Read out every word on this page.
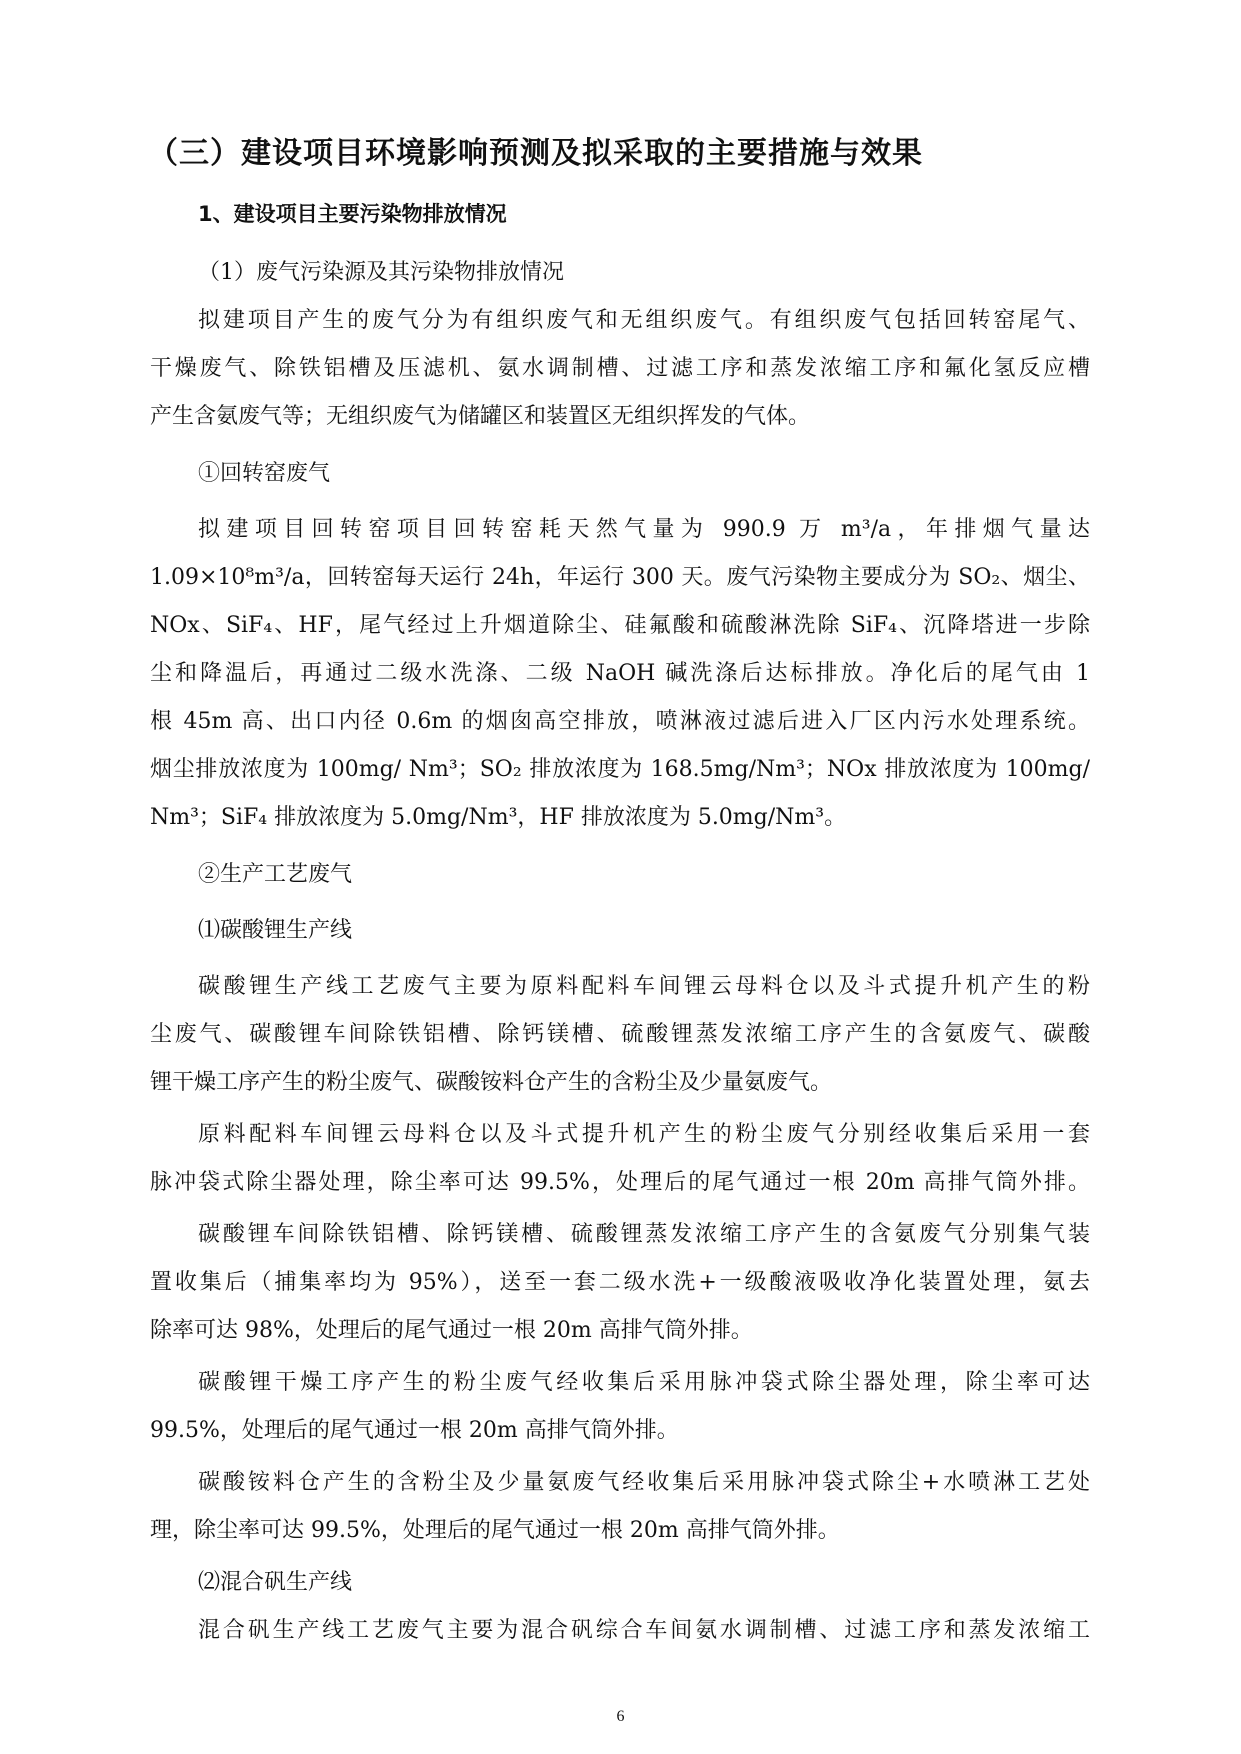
（三）建设项目环境影响预测及拟采取的主要措施与效果
1、建设项目主要污染物排放情况
（1）废气污染源及其污染物排放情况
拟建项目产生的废气分为有组织废气和无组织废气。有组织废气包括回转窑尾气、
干燥废气、除铁铝槽及压滤机、氨水调制槽、过滤工序和蒸发浓缩工序和氟化氢反应槽
产生含氨废气等；无组织废气为储罐区和装置区无组织挥发的气体。
①回转窑废气
拟建项目回转窑项目回转窑耗天然气量为 990.9 万 m³/a，年排烟气量达
1.09×10⁸m³/a，回转窑每天运行 24h，年运行 300 天。废气污染物主要成分为 SO₂、烟尘、
NOx、SiF₄、HF，尾气经过上升烟道除尘、硅氟酸和硫酸淋洗除 SiF₄、沉降塔进一步除
尘和降温后，再通过二级水洗涤、二级 NaOH 碱洗涤后达标排放。净化后的尾气由 1
根 45m 高、出口内径 0.6m 的烟囱高空排放，喷淋液过滤后进入厂区内污水处理系统。
烟尘排放浓度为 100mg/ Nm³；SO₂ 排放浓度为 168.5mg/Nm³；NOx 排放浓度为 100mg/
Nm³；SiF₄ 排放浓度为 5.0mg/Nm³，HF 排放浓度为 5.0mg/Nm³。
②生产工艺废气
⑴碳酸锂生产线
碳酸锂生产线工艺废气主要为原料配料车间锂云母料仓以及斗式提升机产生的粉
尘废气、碳酸锂车间除铁铝槽、除钙镁槽、硫酸锂蒸发浓缩工序产生的含氨废气、碳酸
锂干燥工序产生的粉尘废气、碳酸铵料仓产生的含粉尘及少量氨废气。
原料配料车间锂云母料仓以及斗式提升机产生的粉尘废气分别经收集后采用一套
脉冲袋式除尘器处理，除尘率可达 99.5%，处理后的尾气通过一根 20m 高排气筒外排。
碳酸锂车间除铁铝槽、除钙镁槽、硫酸锂蒸发浓缩工序产生的含氨废气分别集气装
置收集后（捕集率均为 95%），送至一套二级水洗+一级酸液吸收净化装置处理，氨去
除率可达 98%，处理后的尾气通过一根 20m 高排气筒外排。
碳酸锂干燥工序产生的粉尘废气经收集后采用脉冲袋式除尘器处理，除尘率可达
99.5%，处理后的尾气通过一根 20m 高排气筒外排。
碳酸铵料仓产生的含粉尘及少量氨废气经收集后采用脉冲袋式除尘+水喷淋工艺处
理，除尘率可达 99.5%，处理后的尾气通过一根 20m 高排气筒外排。
⑵混合矾生产线
混合矾生产线工艺废气主要为混合矾综合车间氨水调制槽、过滤工序和蒸发浓缩工
6
